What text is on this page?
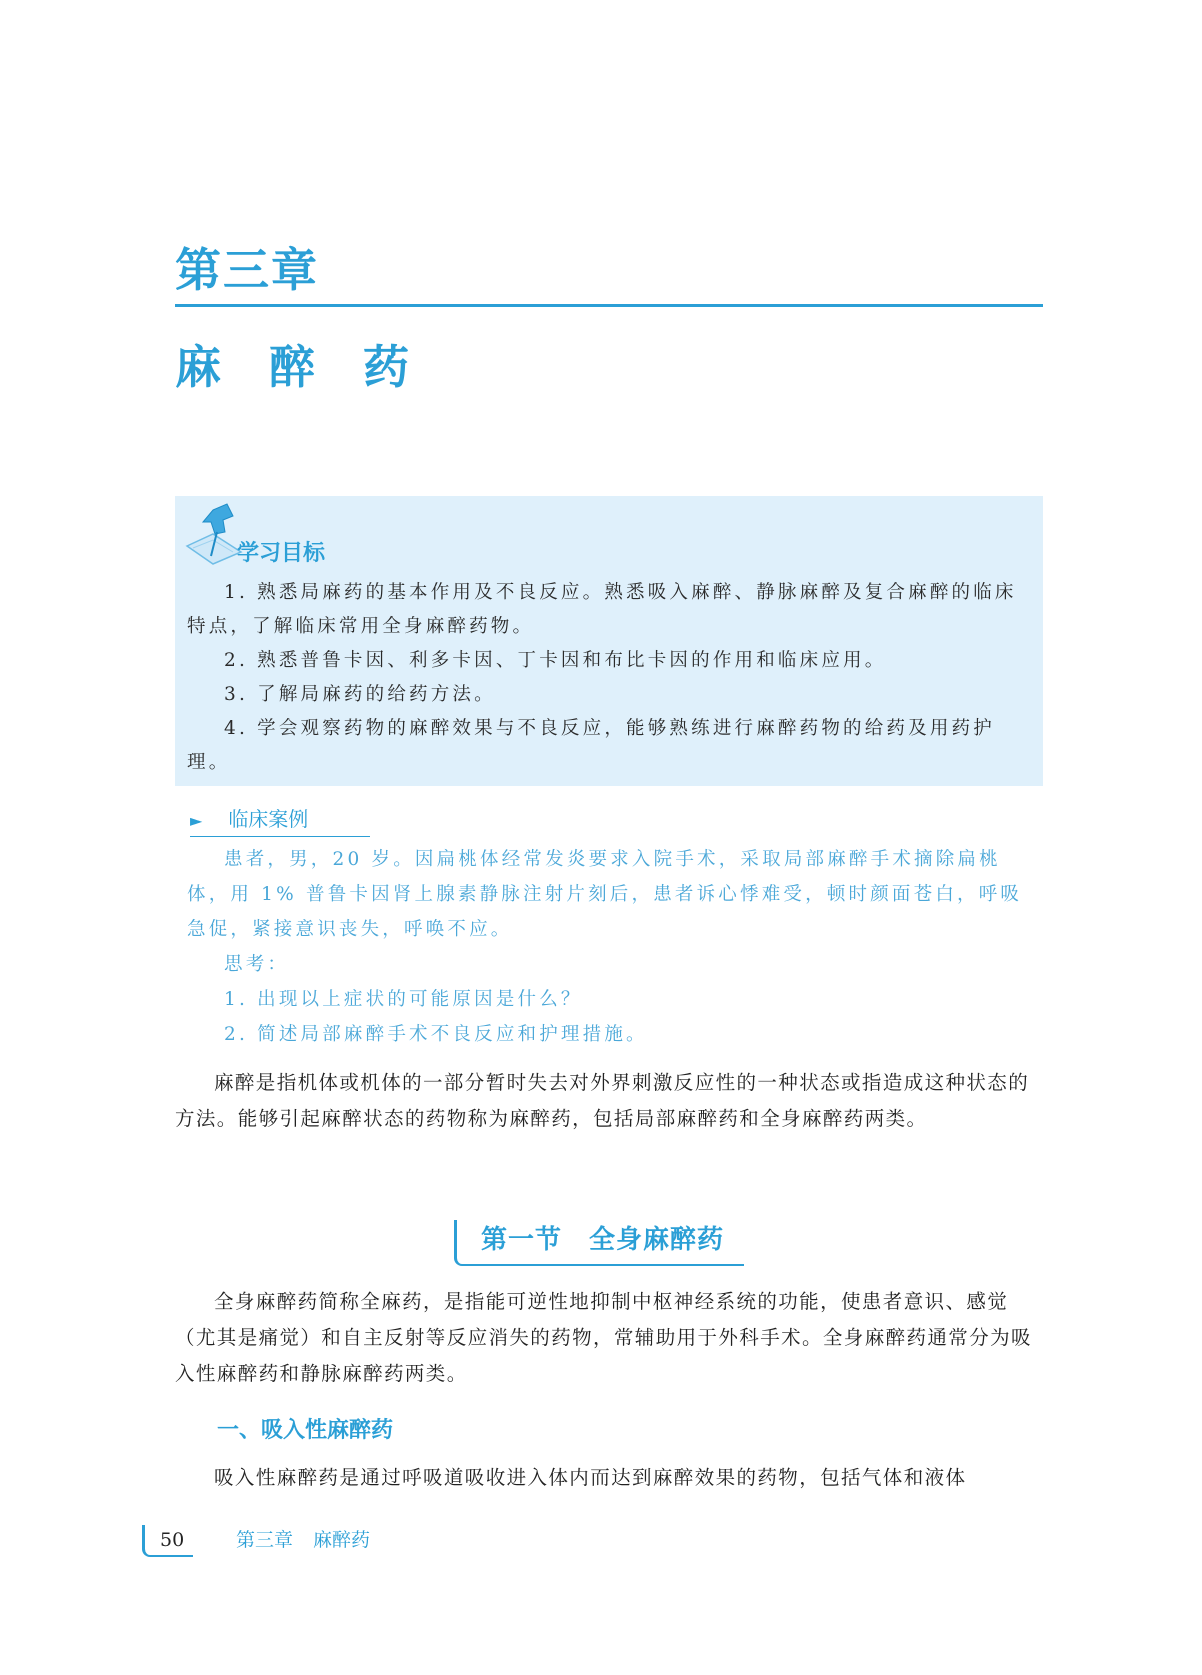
第三章
麻醉药
学习目标

1. 熟悉局麻药的基本作用及不良反应。熟悉吸入麻醉、静脉麻醉及复合麻醉的临床特点，了解临床常用全身麻醉药物。

2. 熟悉普鲁卡因、利多卡因、丁卡因和布比卡因的作用和临床应用。

3. 了解局麻药的给药方法。

4. 学会观察药物的麻醉效果与不良反应，能够熟练进行麻醉药物的给药及用药护理。

► 临床案例

患者，男，20 岁。因扁桃体经常发炎要求入院手术，采取局部麻醉手术摘除扁桃体，用 1% 普鲁卡因肾上腺素静脉注射片刻后，患者诉心悸难受，顿时颜面苍白，呼吸急促，紧接意识丧失，呼唤不应。

思考：

1. 出现以上症状的可能原因是什么？

2. 简述局部麻醉手术不良反应和护理措施。

麻醉是指机体或机体的一部分暂时失去对外界刺激反应性的一种状态或指造成这种状态的方法。能够引起麻醉状态的药物称为麻醉药，包括局部麻醉药和全身麻醉药两类。

第一节　全身麻醉药

全身麻醉药简称全麻药，是指能可逆性地抑制中枢神经系统的功能，使患者意识、感觉（尤其是痛觉）和自主反射等反应消失的药物，常辅助用于外科手术。全身麻醉药通常分为吸入性麻醉药和静脉麻醉药两类。

一、吸入性麻醉药

吸入性麻醉药是通过呼吸道吸收进入体内而达到麻醉效果的药物，包括气体和液体

50	第三章 麻醉药
